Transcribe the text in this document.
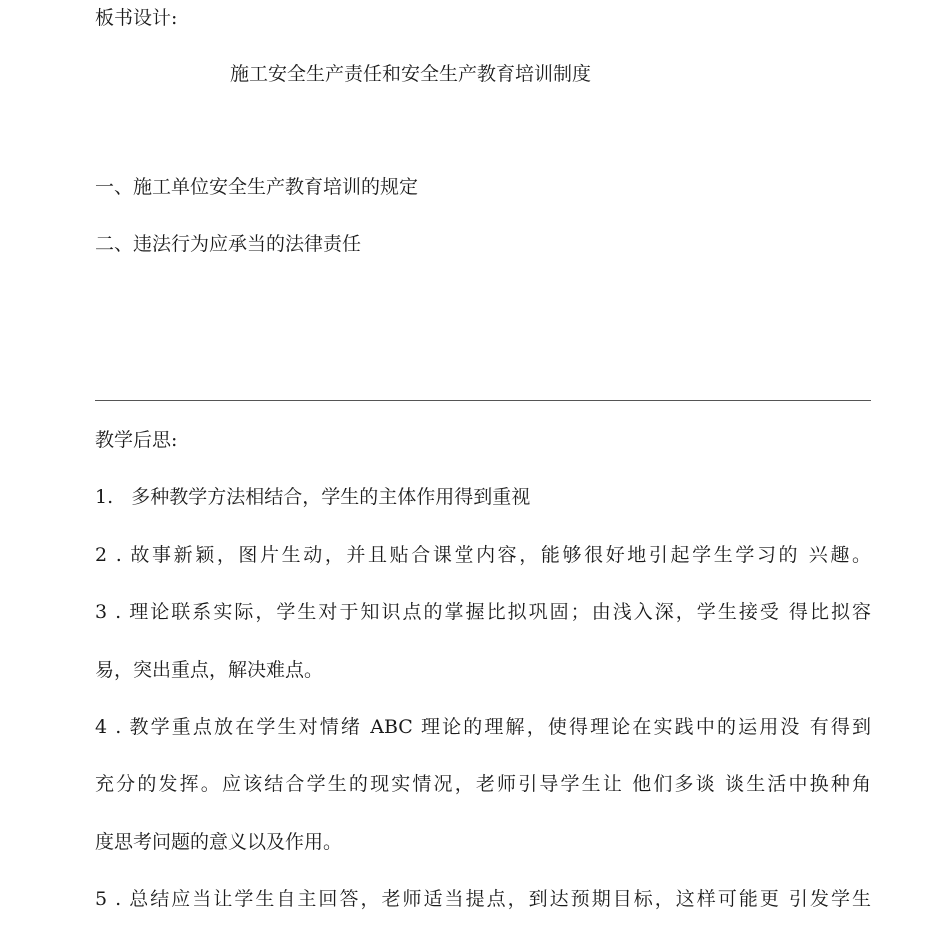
板书设计:
施工安全生产责任和安全生产教育培训制度
一、施工单位安全生产教育培训的规定
二、违法行为应承当的法律责任
教学后思:
1.   多种教学方法相结合，学生的主体作用得到重视
2 . 故事新颖，图片生动，并且贴合课堂内容，能够很好地引起学生学习的 兴趣。
3 . 理论联系实际，学生对于知识点的掌握比拟巩固；由浅入深，学生接受 得比拟容
易，突出重点，解决难点。
4 . 教学重点放在学生对情绪 ABC 理论的理解，使得理论在实践中的运用没 有得到
充分的发挥。应该结合学生的现实情况，老师引导学生让 他们多谈 谈生活中换种角
度思考问题的意义以及作用。
5 . 总结应当让学生自主回答，老师适当提点，到达预期目标，这样可能更 引发学生
